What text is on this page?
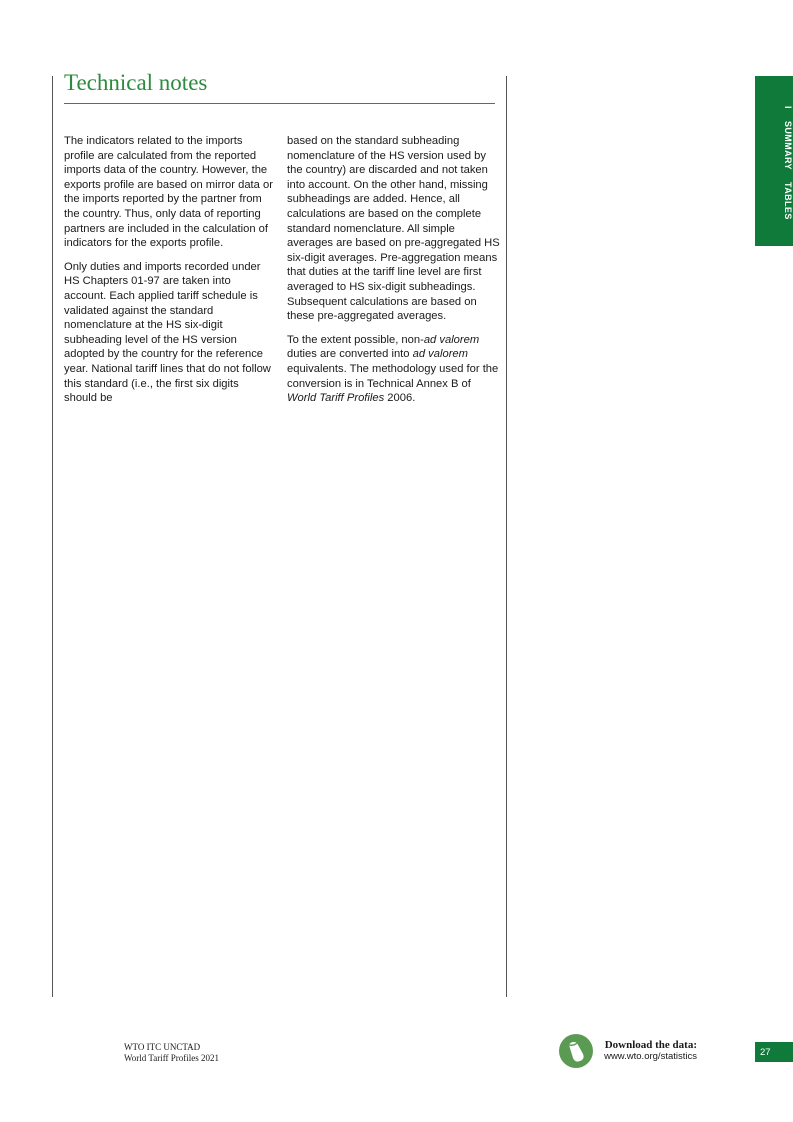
Technical notes
I
SUMMARY
TABLES

The indicators related to the imports profile are calculated from the reported imports data of the country. However, the exports profile are based on mirror data or the imports reported by the partner from the country. Thus, only data of reporting partners are included in the calculation of indicators for the exports profile.

Only duties and imports recorded under HS Chapters 01-97 are taken into account. Each applied tariff schedule is validated against the standard nomenclature at the HS six-digit subheading level of the HS version adopted by the country for the reference year. National tariff lines that do not follow this standard (i.e., the first six digits should be

based on the standard subheading nomenclature of the HS version used by the country) are discarded and not taken into account. On the other hand, missing subheadings are added. Hence, all calculations are based on the complete standard nomenclature. All simple averages are based on pre-aggregated HS six-digit averages. Pre-aggregation means that duties at the tariff line level are first averaged to HS six-digit subheadings. Subsequent calculations are based on these pre-aggregated averages.

To the extent possible, non-ad valorem duties are converted into ad valorem equivalents. The methodology used for the conversion is in Technical Annex B of World Tariff Profiles 2006.

WTO ITC UNCTAD
World Tariff Profiles 2021
Download the data:
www.wto.org/statistics	27
